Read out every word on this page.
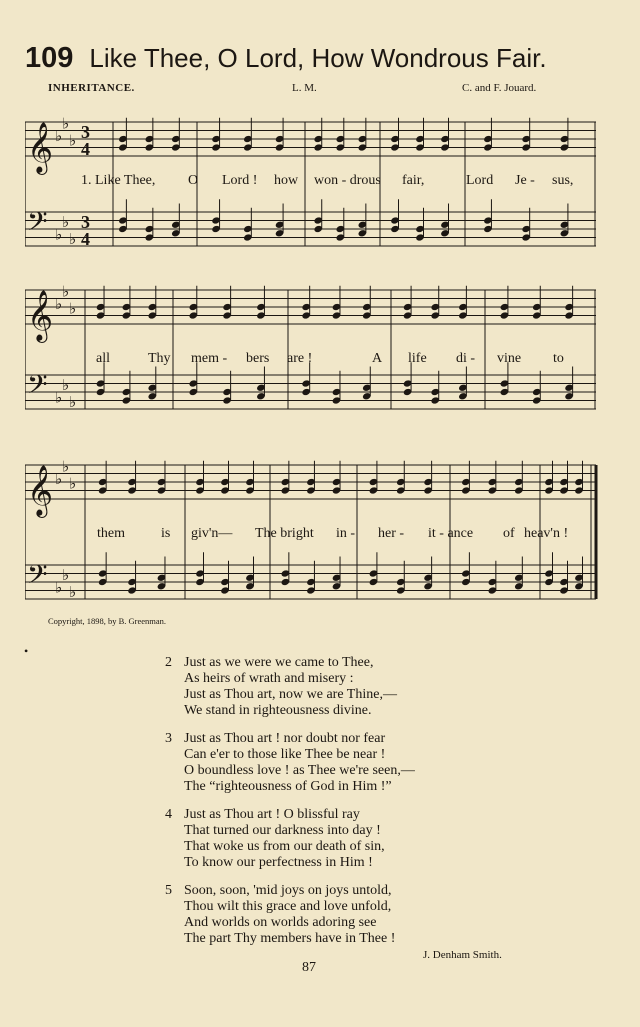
109 Like Thee, O Lord, How Wondrous Fair.
INHERITANCE.	L. M.	C. and F. Jouard.
𝄞 ♭
♭
♭ 3
4
𝄢 ♭
♭
♭
3
4
1. Like Thee, O Lord ! how won - drous fair,	Lord Je - sus,
𝄞 ♭
♭
♭
𝄢 ♭
♭
♭
all	Thy mem - bers are !	A life di - vine to
𝄞 ♭
♭
♭
𝄢 ♭
♭
♭
them	is giv'n— The bright in - her - it - ance of heav'n !
Copyright, 1898, by B. Greenman.
•
2 Just as we were we came to Thee,
As heirs of wrath and misery :
Just as Thou art, now we are Thine,—
We stand in righteousness divine.
3 Just as Thou art ! nor doubt nor fear
Can e'er to those like Thee be near !
O boundless love ! as Thee we're seen,—
The “righteousness of God in Him !”
4 Just as Thou art ! O blissful ray
That turned our darkness into day !
That woke us from our death of sin,
To know our perfectness in Him !
5 Soon, soon, 'mid joys on joys untold,
Thou wilt this grace and love unfold,
And worlds on worlds adoring see
The part Thy members have in Thee !
87
J. Denham Smith.
